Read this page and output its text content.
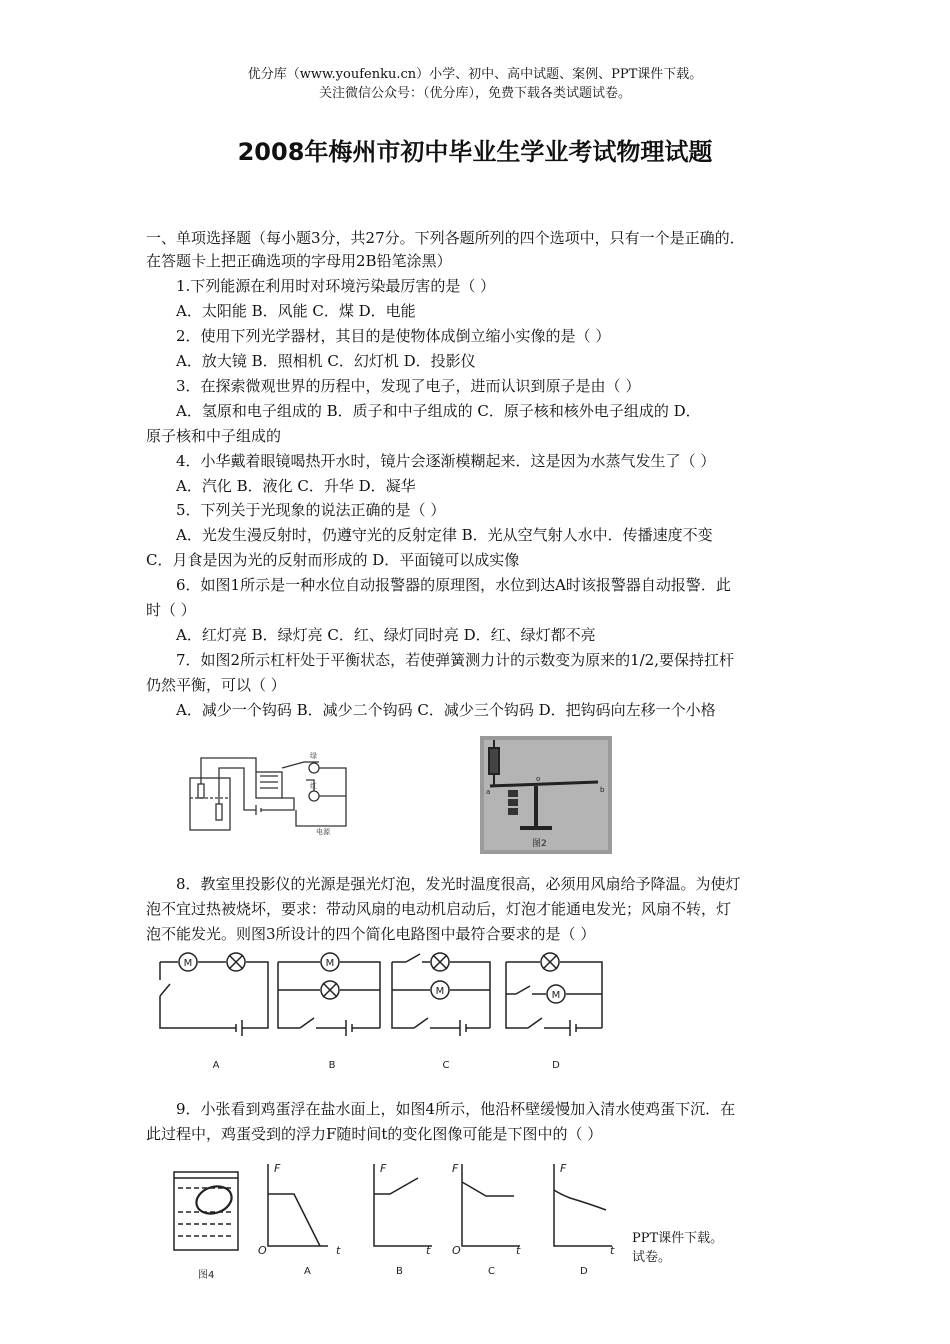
优分库（www.youfenku.cn）小学、初中、高中试题、案例、PPT课件下载。
关注微信公众号：（优分库），免费下载各类试题试卷。
2008年梅州市初中毕业生学业考试物理试题
一、单项选择题（每小题3分，共27分。下列各题所列的四个选项中，只有一个是正确的．
在答题卡上把正确选项的字母用2B铅笔涂黑）
1.下列能源在利用时对环境污染最厉害的是（ ）
A．太阳能 B．风能 C．煤 D．电能
2．使用下列光学器材，其目的是使物体成倒立缩小实像的是（ ）
A．放大镜 B．照相机 C．幻灯机 D．投影仪
3．在探索微观世界的历程中，发现了电子，进而认识到原子是由（ ）
A．氢原和电子组成的 B．质子和中子组成的 C．原子核和核外电子组成的 D．
原子核和中子组成的
4．小华戴着眼镜喝热开水时，镜片会逐渐模糊起来．这是因为水蒸气发生了（ ）
A．汽化 B．液化 C．升华 D．凝华
5．下列关于光现象的说法正确的是（ ）
A．光发生漫反射时，仍遵守光的反射定律 B．光从空气射人水中．传播速度不变
C．月食是因为光的反射而形成的 D．平面镜可以成实像
6．如图1所示是一种水位自动报警器的原理图，水位到达A时该报警器自动报警．此
时（ ）
A．红灯亮 B．绿灯亮 C．红、绿灯同时亮 D．红、绿灯都不亮
7．如图2所示杠杆处于平衡状态，若使弹簧测力计的示数变为原来的1/2,要保持扛杆
仍然平衡，可以（ ）
A．减少一个钩码 B．减少二个钩码 C．减少三个钩码 D．把钩码向左移一个小格
绿
红
电源
a
o
b
图2
8．教室里投影仪的光源是强光灯泡，发光时温度很高，必须用风扇给予降温。为使灯
泡不宜过热被烧坏，要求：带动风扇的电动机启动后，灯泡才能通电发光；风扇不转，灯
泡不能发光。则图3所设计的四个简化电路图中最符合要求的是（ ）
M	M
M	M
A	B	C	D
9．小张看到鸡蛋浮在盐水面上，如图4所示，他沿杯壁缓慢加入清水使鸡蛋下沉．在
此过程中，鸡蛋受到的浮力F随时间t的变化图像可能是下图中的（ ）
F
t
O
F
t
F
t
O
F
t
图4	A	B	C	D
PPT课件下载。
试卷。
